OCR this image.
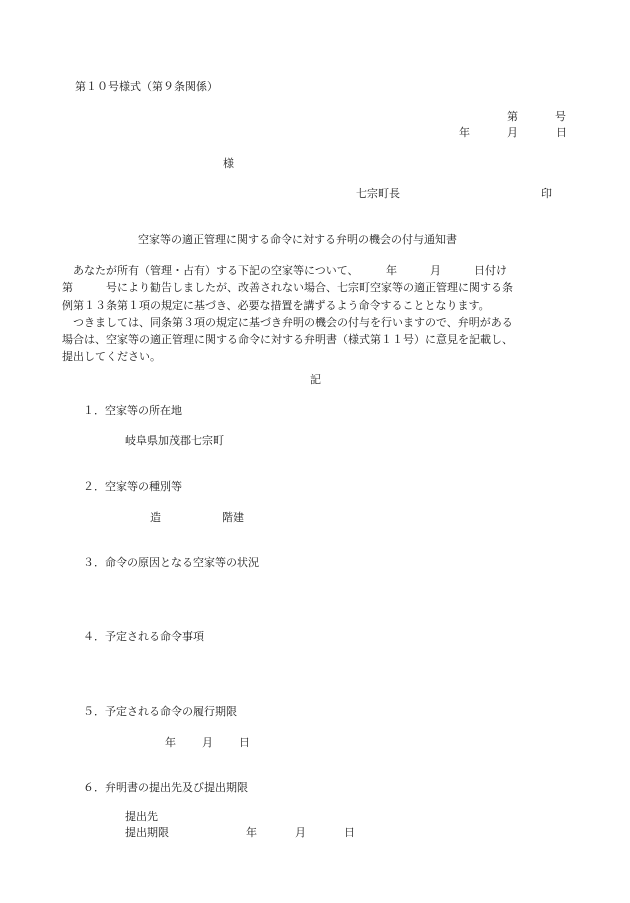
第１０号様式（第９条関係）
第	号
年	月	日
様
七宗町長	印
空家等の適正管理に関する命令に対する弁明の機会の付与通知書

あなたが所有（管理・占有）する下記の空家等について、　　　年　　　月　　　日付け

第　　　号により勧告しましたが、改善されない場合、七宗町空家等の適正管理に関する条

例第１３条第１項の規定に基づき、必要な措置を講ずるよう命令することとなります。

つきましては、同条第３項の規定に基づき弁明の機会の付与を行いますので、弁明がある

場合は、空家等の適正管理に関する命令に対する弁明書（様式第１１号）に意見を記載し、

提出してください。

記
１．空家等の所在地
岐阜県加茂郡七宗町
２．空家等の種別等
造	階建
３．命令の原因となる空家等の状況
４．予定される命令事項
５．予定される命令の履行期限
年 月 日
６．弁明書の提出先及び提出期限
提出先
提出期限	年	月	日
